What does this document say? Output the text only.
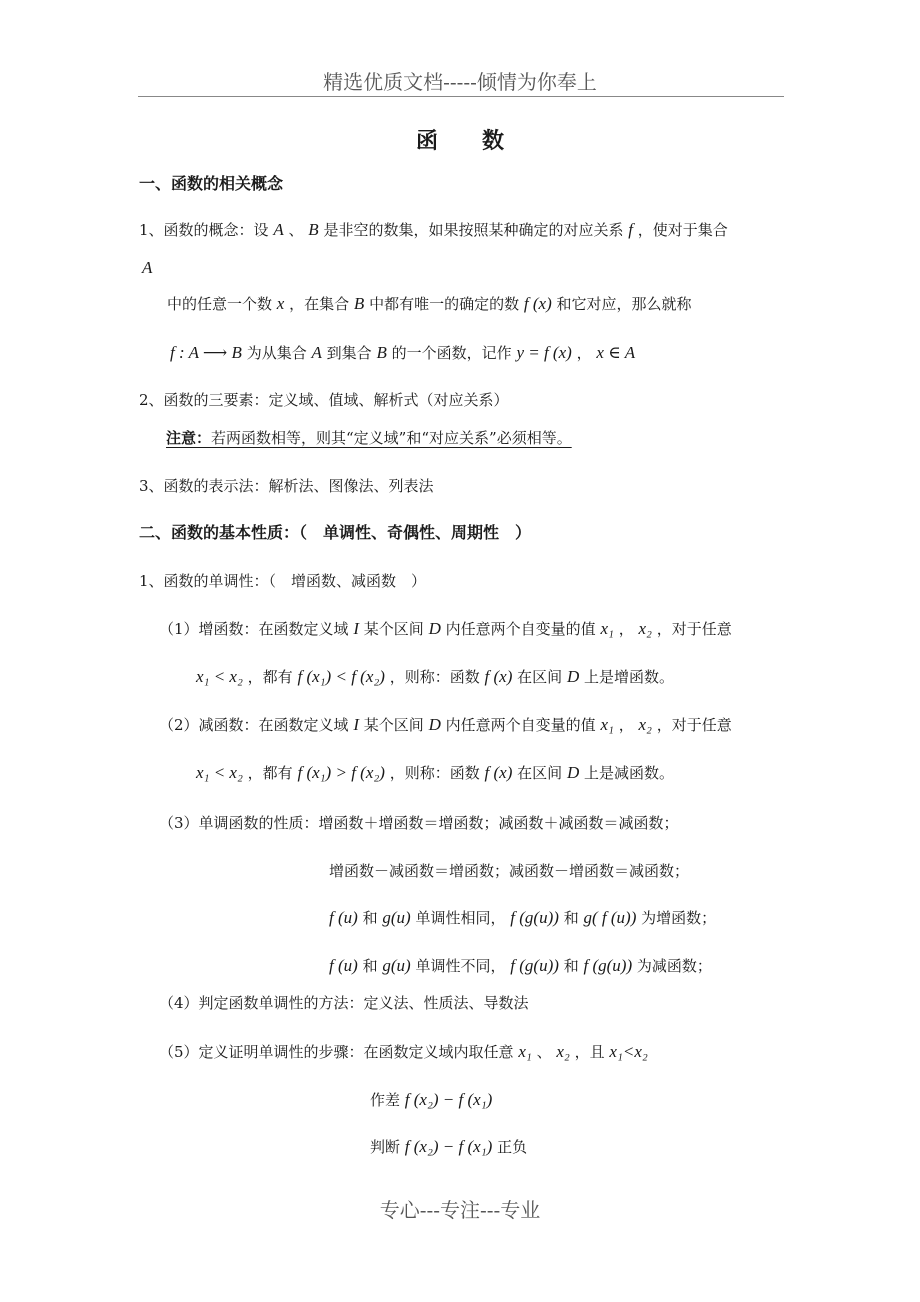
精选优质文档-----倾情为你奉上
函　　数
一、函数的相关概念
1、函数的概念：设 A 、 B 是非空的数集，如果按照某种确定的对应关系 f ，使对于集合
A
中的任意一个数 x ，在集合 B 中都有唯一的确定的数 f (x) 和它对应，那么就称
f : A ⟶ B 为从集合 A 到集合 B 的一个函数，记作 y = f (x) ， x ∈ A
2、函数的三要素：定义域、值域、解析式（对应关系）
注意：若两函数相等，则其“定义域”和“对应关系”必须相等。
3、函数的表示法：解析法、图像法、列表法
二、函数的基本性质：（　单调性、奇偶性、周期性　）
1、函数的单调性：（　增函数、减函数　）
（1）增函数：在函数定义域 I 某个区间 D 内任意两个自变量的值 x₁ ， x₂ ，对于任意
x₁ < x₂ ，都有 f (x₁) < f (x₂) ，则称：函数 f (x) 在区间 D 上是增函数。
（2）减函数：在函数定义域 I 某个区间 D 内任意两个自变量的值 x₁ ， x₂ ，对于任意
x₁ < x₂ ，都有 f (x₁) > f (x₂) ，则称：函数 f (x) 在区间 D 上是减函数。
（3）单调函数的性质：增函数＋增函数＝增函数；减函数＋减函数＝减函数；
增函数－减函数＝增函数；减函数－增函数＝减函数；
f (u) 和 g(u) 单调性相同， f (g(u)) 和 g( f (u)) 为增函数；
f (u) 和 g(u) 单调性不同， f (g(u)) 和 f (g(u)) 为减函数；
（4）判定函数单调性的方法：定义法、性质法、导数法
（5）定义证明单调性的步骤：在函数定义域内取任意 x₁ 、 x₂ ，且 x₁<x₂
作差 f (x₂) − f (x₁)
判断 f (x₂) − f (x₁) 正负
专心---专注---专业
